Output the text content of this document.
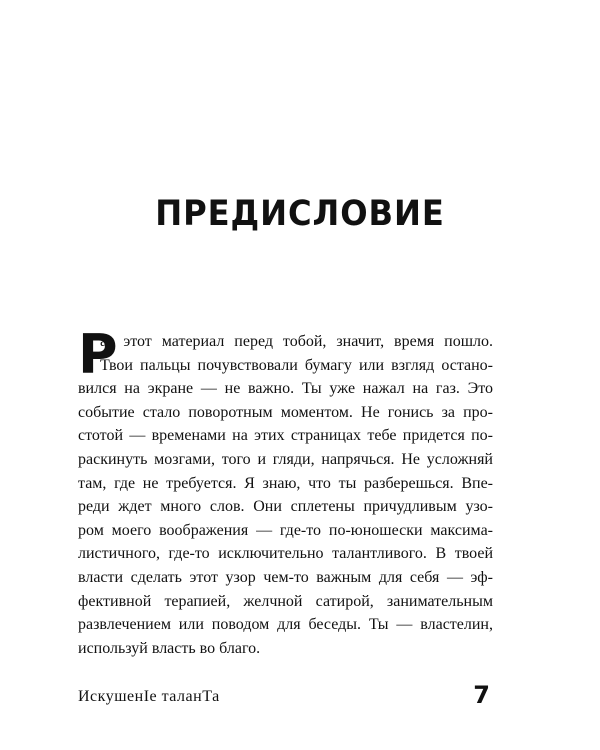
ПРЕДИСЛОВИЕ
Р
аз этот материал перед тобой, значит, время пошло.
Твои пальцы почувствовали бумагу или взгляд остано-
вился на экране — не важно. Ты уже нажал на газ. Это
событие стало поворотным моментом. Не гонись за про-
стотой — временами на этих страницах тебе придется по-
раскинуть мозгами, того и гляди, напрячься. Не усложняй
там, где не требуется. Я знаю, что ты разберешься. Впе-
реди ждет много слов. Они сплетены причудливым узо-
ром моего воображения — где-то по-юношески максима-
листичного, где-то исключительно талантливого. В твоей
власти сделать этот узор чем-то важным для себя — эф-
фективной терапией, желчной сатирой, занимательным
развлечением или поводом для беседы. Ты — властелин,
используй власть во благо.
ИскушенIe таланТа	7
